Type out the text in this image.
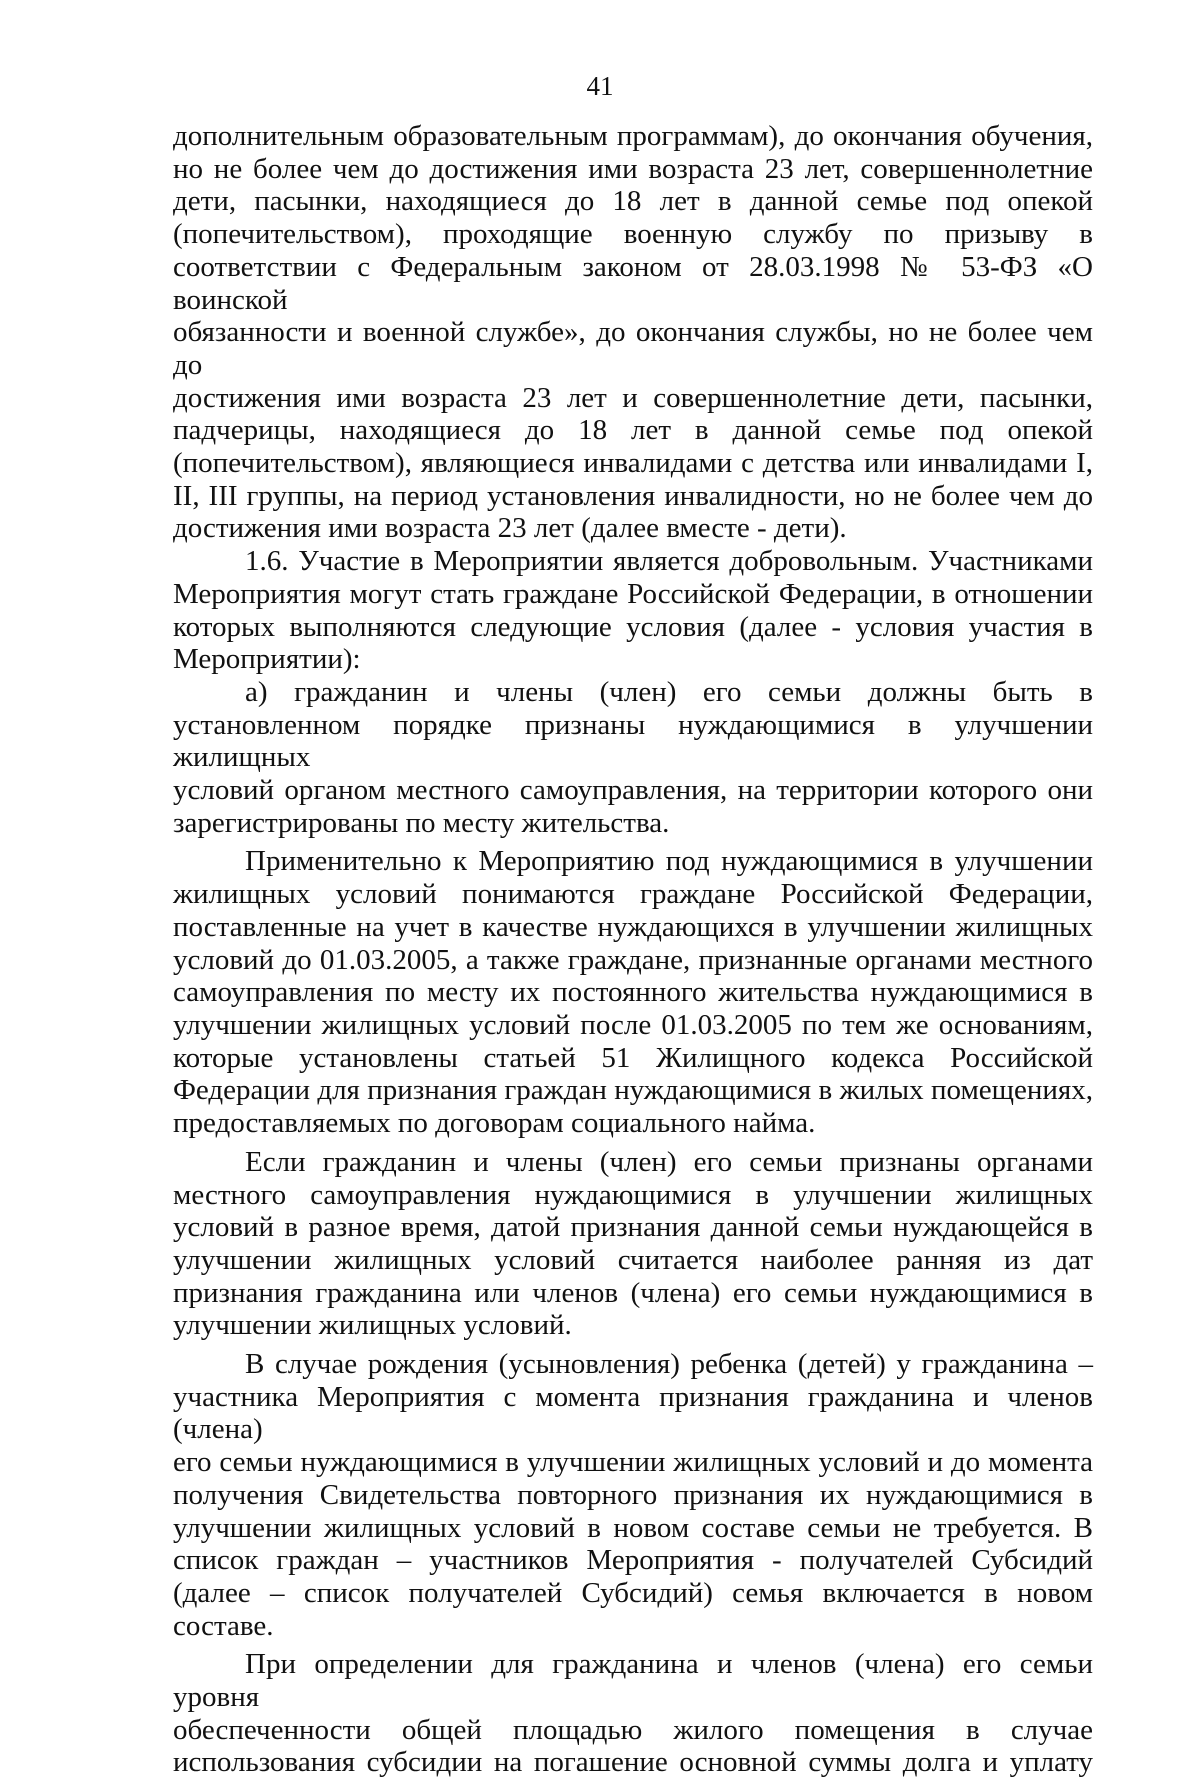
41
дополнительным образовательным программам), до окончания обучения,
но не более чем до достижения ими возраста 23 лет, совершеннолетние
дети, пасынки, находящиеся до 18 лет в данной семье под опекой
(попечительством), проходящие военную службу по призыву в
соответствии с Федеральным законом от 28.03.1998 № 53-ФЗ «О воинской
обязанности и военной службе», до окончания службы, но не более чем до
достижения ими возраста 23 лет и совершеннолетние дети, пасынки,
падчерицы, находящиеся до 18 лет в данной семье под опекой
(попечительством), являющиеся инвалидами с детства или инвалидами I,
II, III группы, на период установления инвалидности, но не более чем до
достижения ими возраста 23 лет (далее вместе - дети).
1.6. Участие в Мероприятии является добровольным. Участниками
Мероприятия могут стать граждане Российской Федерации, в отношении
которых выполняются следующие условия (далее - условия участия в
Мероприятии):
а) гражданин и члены (член) его семьи должны быть в
установленном порядке признаны нуждающимися в улучшении жилищных
условий органом местного самоуправления, на территории которого они
зарегистрированы по месту жительства.
Применительно к Мероприятию под нуждающимися в улучшении
жилищных условий понимаются граждане Российской Федерации,
поставленные на учет в качестве нуждающихся в улучшении жилищных
условий до 01.03.2005, а также граждане, признанные органами местного
самоуправления по месту их постоянного жительства нуждающимися в
улучшении жилищных условий после 01.03.2005 по тем же основаниям,
которые установлены статьей 51 Жилищного кодекса Российской
Федерации для признания граждан нуждающимися в жилых помещениях,
предоставляемых по договорам социального найма.
Если гражданин и члены (член) его семьи признаны органами
местного самоуправления нуждающимися в улучшении жилищных
условий в разное время, датой признания данной семьи нуждающейся в
улучшении жилищных условий считается наиболее ранняя из дат
признания гражданина или членов (члена) его семьи нуждающимися в
улучшении жилищных условий.
В случае рождения (усыновления) ребенка (детей) у гражданина –
участника Мероприятия с момента признания гражданина и членов (члена)
его семьи нуждающимися в улучшении жилищных условий и до момента
получения Свидетельства повторного признания их нуждающимися в
улучшении жилищных условий в новом составе семьи не требуется. В
список граждан – участников Мероприятия - получателей Субсидий
(далее – список получателей Субсидий) семья включается в новом составе.
При определении для гражданина и членов (члена) его семьи уровня
обеспеченности общей площадью жилого помещения в случае
использования субсидии на погашение основной суммы долга и уплату
